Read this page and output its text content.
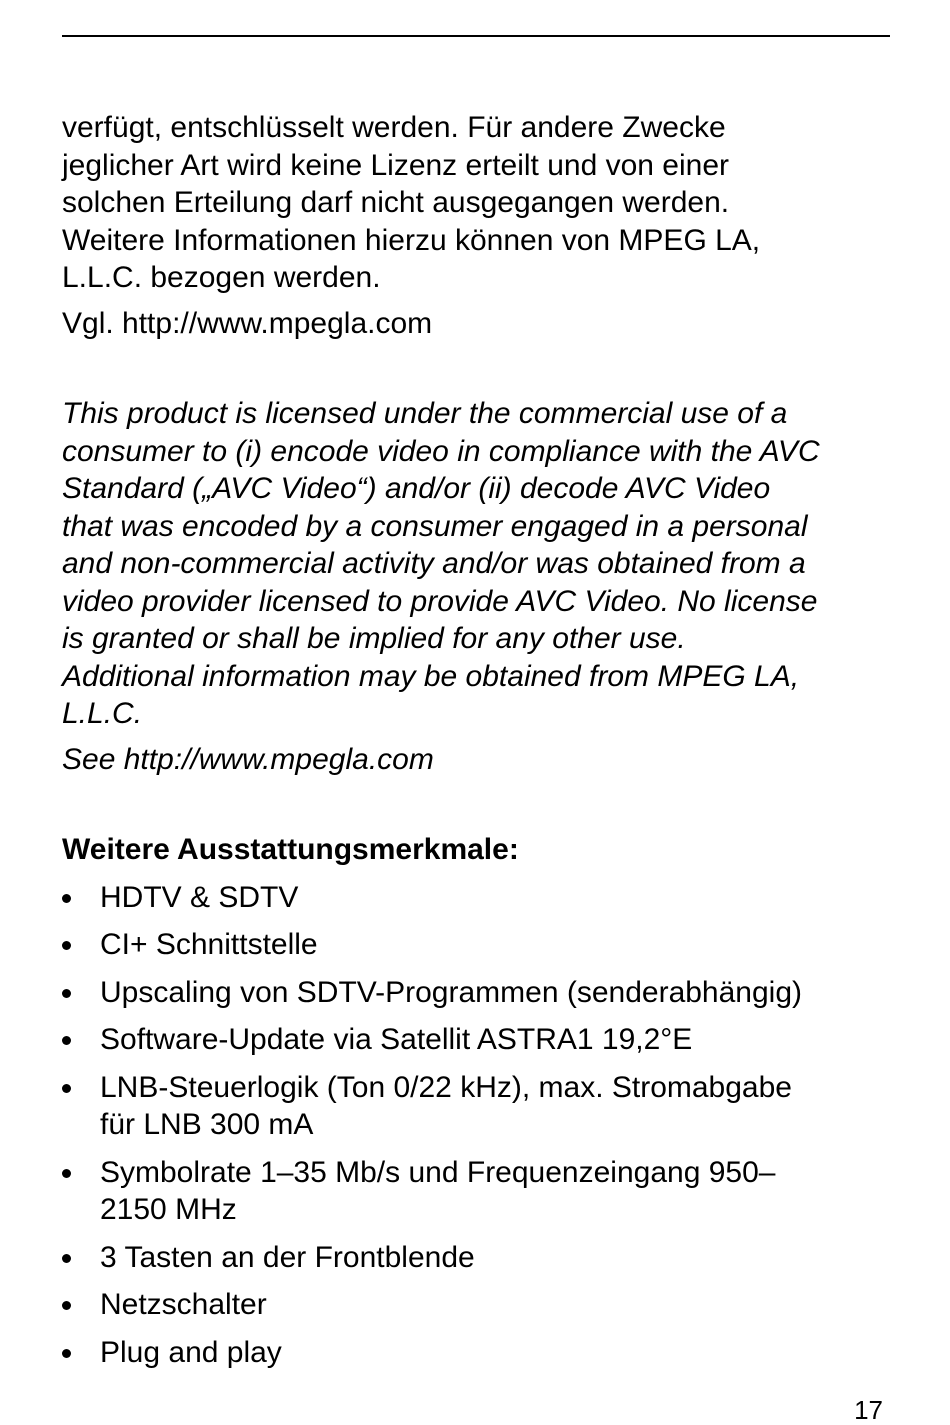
verfügt, entschlüsselt werden. Für andere Zwecke
jeglicher Art wird keine Lizenz erteilt und von einer
solchen Erteilung darf nicht ausgegangen werden.
Weitere Informationen hierzu können von MPEG LA,
L.L.C. bezogen werden.

Vgl. http://www.mpegla.com

This product is licensed under the commercial use of a
consumer to (i) encode video in compliance with the AVC
Standard („AVC Video“) and/or (ii) decode AVC Video
that was encoded by a consumer engaged in a personal
and non-commercial activity and/or was obtained from a
video provider licensed to provide AVC Video. No license
is granted or shall be implied for any other use.
Additional information may be obtained from MPEG LA,
L.L.C.

See http://www.mpegla.com

Weitere Ausstattungsmerkmale:
HDTV & SDTV
CI+ Schnittstelle
Upscaling von SDTV-Programmen (senderabhängig)
Software-Update via Satellit ASTRA1 19,2°E
LNB-Steuerlogik (Ton 0/22 kHz), max. Stromabgabe
für LNB 300 mA
Symbolrate 1–35 Mb/s und Frequenzeingang 950–
2150 MHz
3 Tasten an der Frontblende
Netzschalter
Plug and play
17
